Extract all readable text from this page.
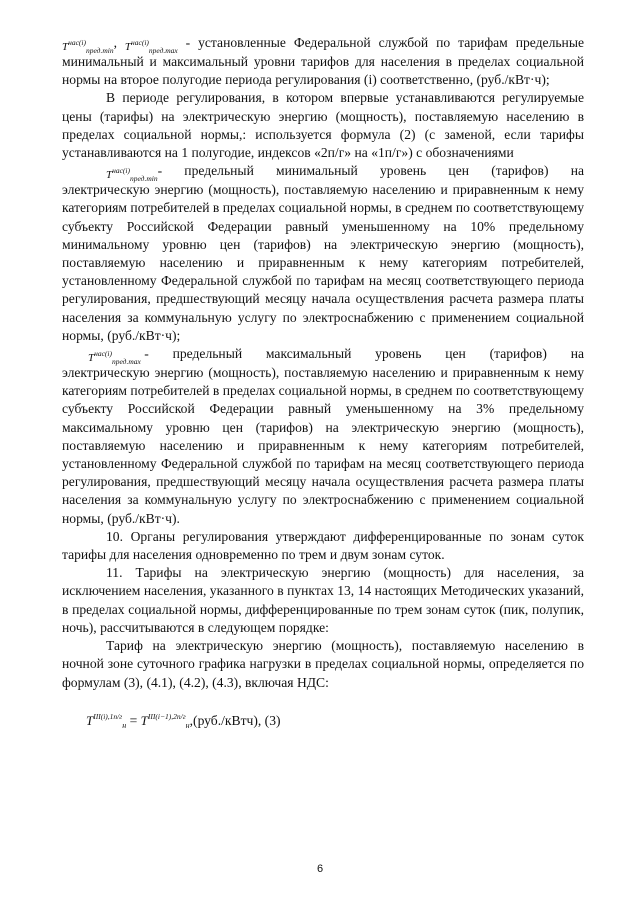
$T^{нас(i)}_{пред.min}$, $T^{нас(i)}_{пред.max}$ - установленные Федеральной службой по тарифам предельные минимальный и максимальный уровни тарифов для населения в пределах социальной нормы на второе полугодие периода регулирования (i) соответственно, (руб./кВт·ч);

В периоде регулирования, в котором впервые устанавливаются регулируемые цены (тарифы) на электрическую энергию (мощность), поставляемую населению в пределах социальной нормы,: используется формула (2) (с заменой, если тарифы устанавливаются на 1 полугодие, индексов «2п/г» на «1п/г») с обозначениями

$T^{нас(i)}_{пред.min}-$ предельный минимальный уровень цен (тарифов) на

электрическую энергию (мощность), поставляемую населению и приравненным к нему категориям потребителей в пределах социальной нормы, в среднем по соответствующему субъекту Российской Федерации равный уменьшенному на 10% предельному минимальному уровню цен (тарифов) на электрическую энергию (мощность), поставляемую населению и приравненным к нему категориям потребителей, установленному Федеральной службой по тарифам на месяц соответствующего периода регулирования, предшествующий месяцу начала осуществления расчета размера платы населения за коммунальную услугу по электроснабжению с применением социальной нормы, (руб./кВт·ч);

$T^{нас(i)}_{пред.max}$ - предельный максимальный уровень цен (тарифов) на

электрическую энергию (мощность), поставляемую населению и приравненным к нему категориям потребителей в пределах социальной нормы, в среднем по соответствующему субъекту Российской Федерации равный уменьшенному на 3% предельному максимальному уровню цен (тарифов) на электрическую энергию (мощность), поставляемую населению и приравненным к нему категориям потребителей, установленному Федеральной службой по тарифам на месяц соответствующего периода регулирования, предшествующий месяцу начала осуществления расчета размера платы населения за коммунальную услугу по электроснабжению с применением социальной нормы, (руб./кВт·ч).

10. Органы регулирования утверждают дифференцированные по зонам суток тарифы для населения одновременно по трем и двум зонам суток.

11. Тарифы на электрическую энергию (мощность) для населения, за исключением населения, указанного в пунктах 13, 14 настоящих Методических указаний, в пределах социальной нормы, дифференцированные по трем зонам суток (пик, полупик, ночь), рассчитываются в следующем порядке:

Тариф на электрическую энергию (мощность), поставляемую населению в ночной зоне суточного графика нагрузки в пределах социальной нормы, определяется по формулам (3), (4.1), (4.2), (4.3), включая НДС:

$T^{III(i),1п/г}_н$ = $T^{III(i-1),2п/г}_н,(руб./кВтч)$, (3)
6
